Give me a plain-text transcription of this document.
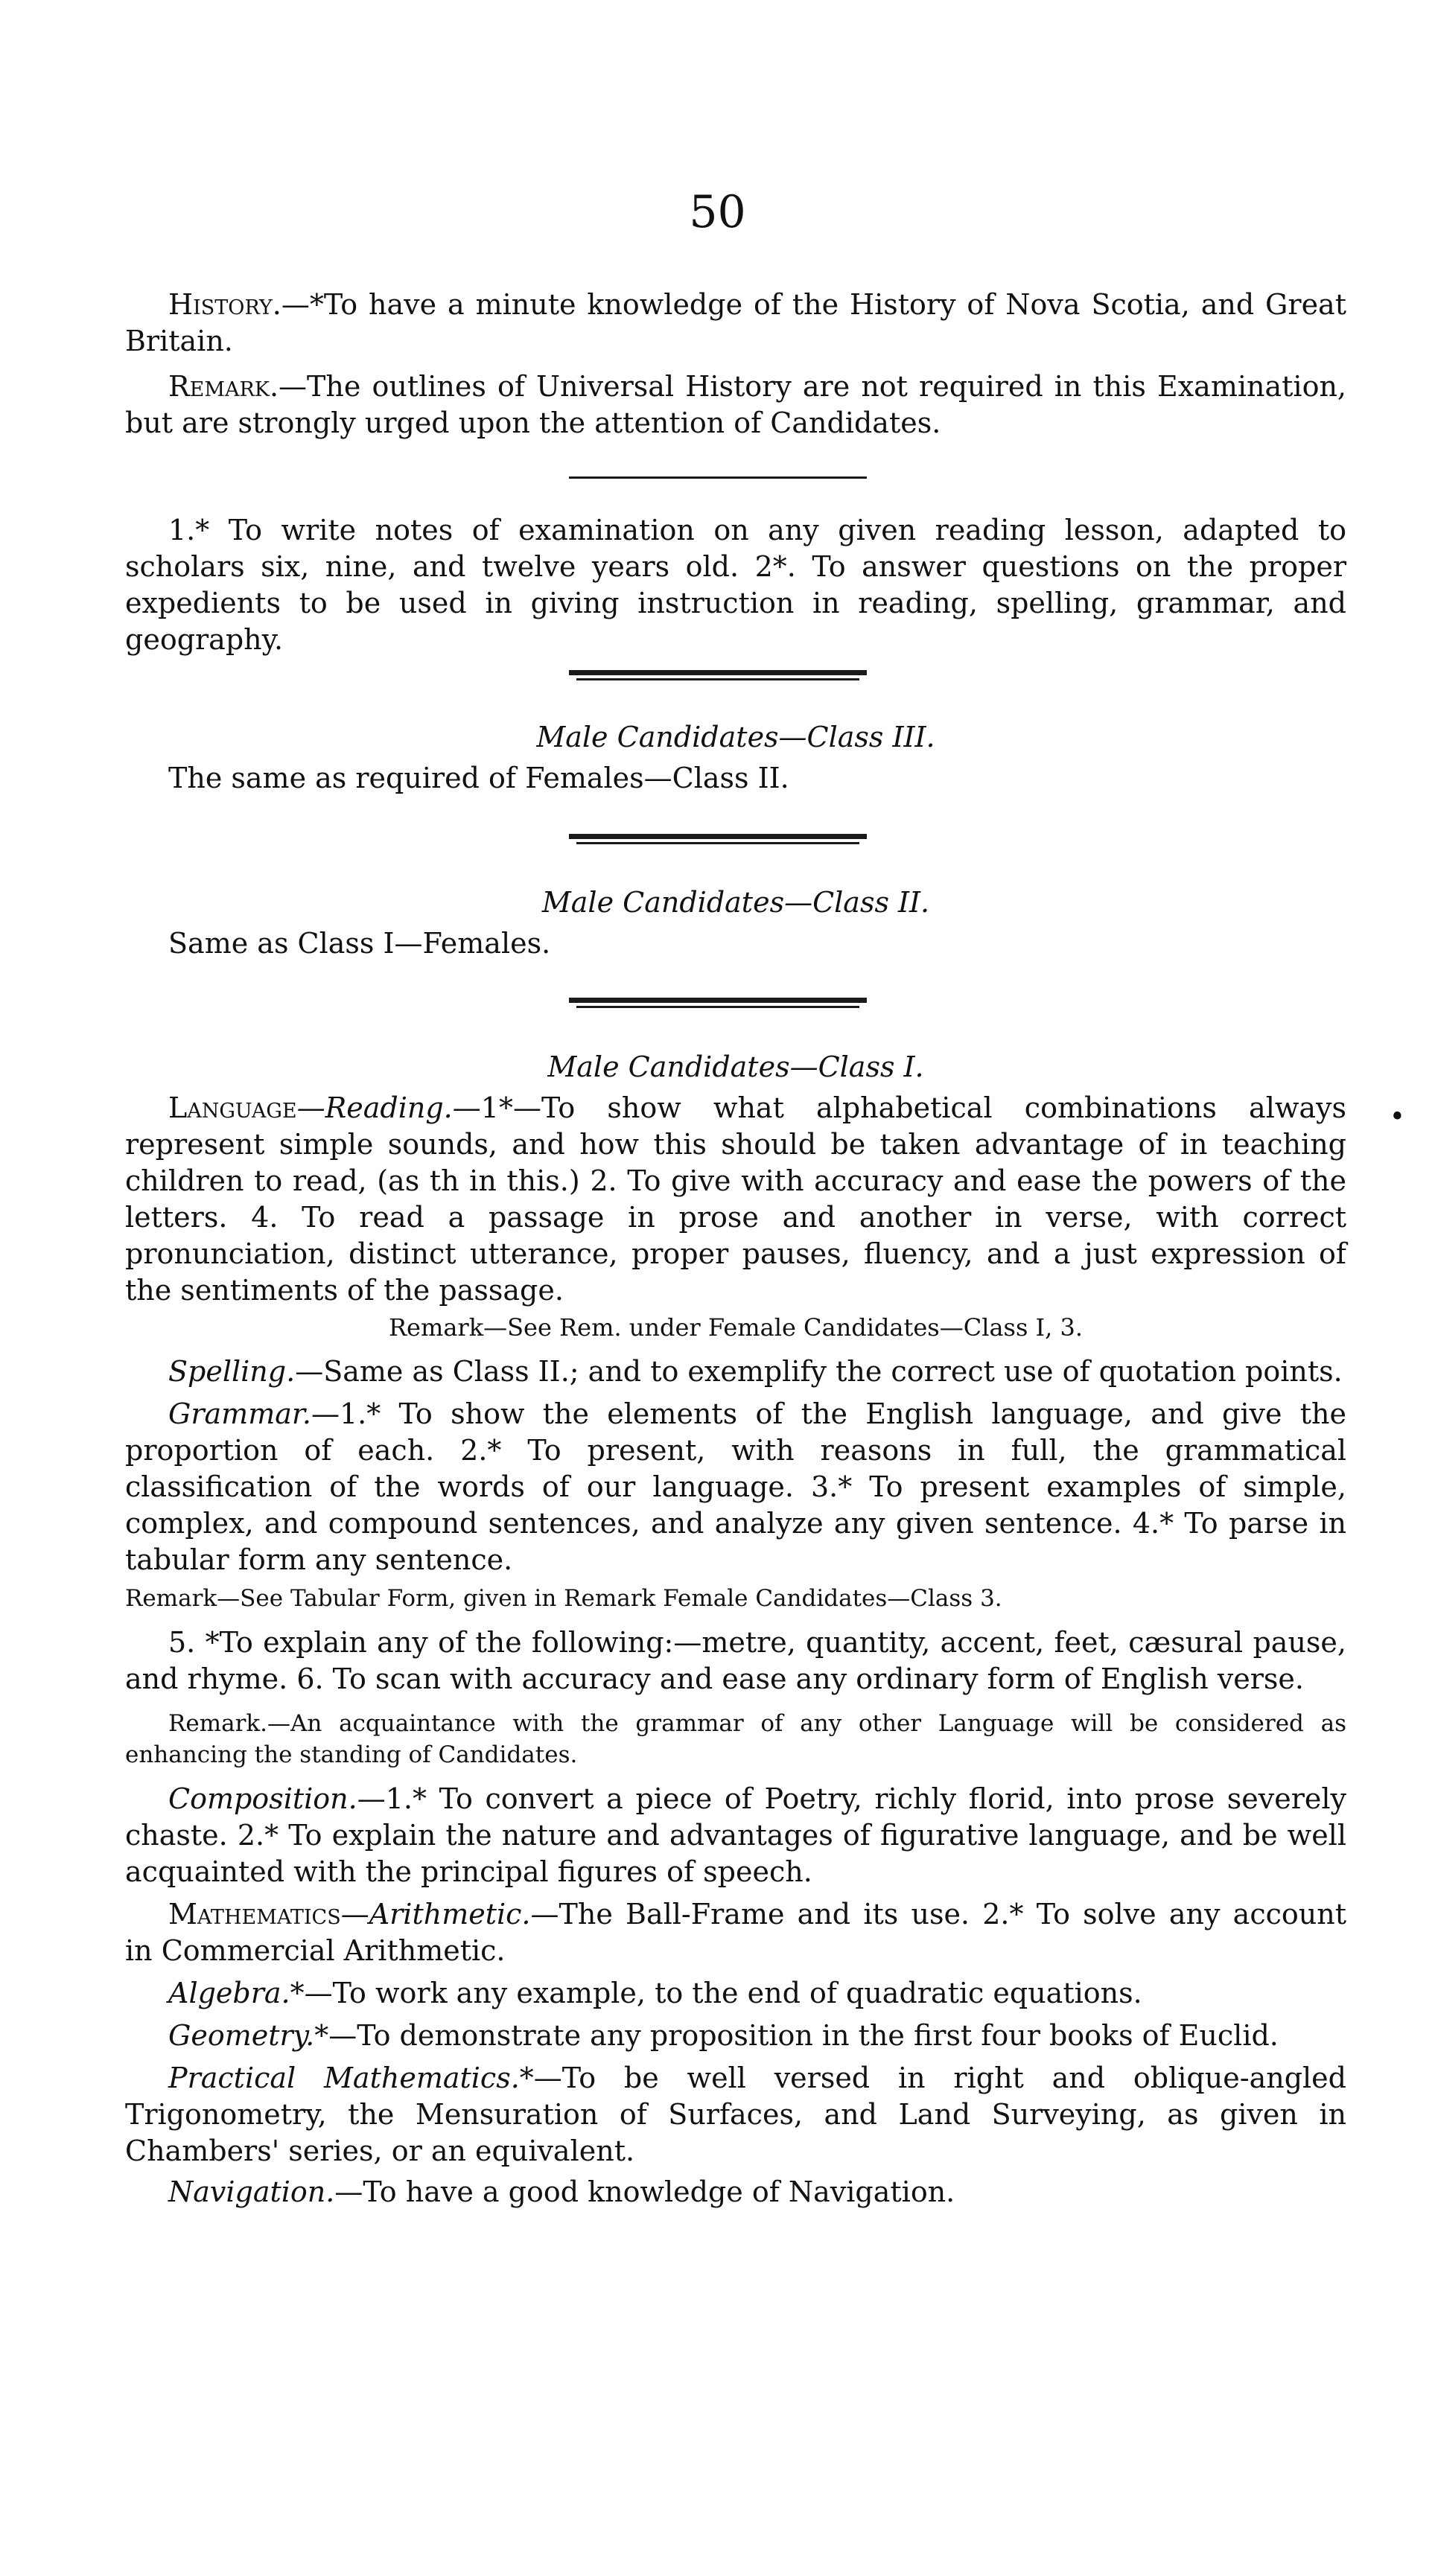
50

History.—*To have a minute knowledge of the History of Nova Scotia, and Great Britain.

Remark.—The outlines of Universal History are not required in this Examination, but are strongly urged upon the attention of Candidates.

1.* To write notes of examination on any given reading lesson, adapted to scholars six, nine, and twelve years old. 2*. To answer questions on the proper expedients to be used in giving instruction in reading, spelling, grammar, and geography.

Male Candidates—Class III.

The same as required of Females—Class II.

Male Candidates—Class II.

Same as Class I—Females.

•
Male Candidates—Class I.

Language—Reading.—1*—To show what alphabetical combinations always represent simple sounds, and how this should be taken advantage of in teaching children to read, (as th in this.) 2. To give with accuracy and ease the powers of the letters. 4. To read a passage in prose and another in verse, with correct pronunciation, distinct utterance, proper pauses, fluency, and a just expression of the sentiments of the passage.

Remark—See Rem. under Female Candidates—Class I, 3.

Spelling.—Same as Class II.; and to exemplify the correct use of quotation points.

Grammar.—1.* To show the elements of the English language, and give the proportion of each. 2.* To present, with reasons in full, the grammatical classification of the words of our language. 3.* To present examples of simple, complex, and compound sentences, and analyze any given sentence. 4.* To parse in tabular form any sentence.

Remark—See Tabular Form, given in Remark Female Candidates—Class 3.

5. *To explain any of the following:—metre, quantity, accent, feet, cæsural pause, and rhyme. 6. To scan with accuracy and ease any ordinary form of English verse.

Remark.—An acquaintance with the grammar of any other Language will be considered as enhancing the standing of Candidates.

Composition.—1.* To convert a piece of Poetry, richly florid, into prose severely chaste. 2.* To explain the nature and advantages of figurative language, and be well acquainted with the principal figures of speech.

Mathematics—Arithmetic.—The Ball-Frame and its use. 2.* To solve any account in Commercial Arithmetic.

Algebra.*—To work any example, to the end of quadratic equations.

Geometry.*—To demonstrate any proposition in the first four books of Euclid.

Practical Mathematics.*—To be well versed in right and oblique-angled Trigonometry, the Mensuration of Surfaces, and Land Surveying, as given in Chambers' series, or an equivalent.

Navigation.—To have a good knowledge of Navigation.
